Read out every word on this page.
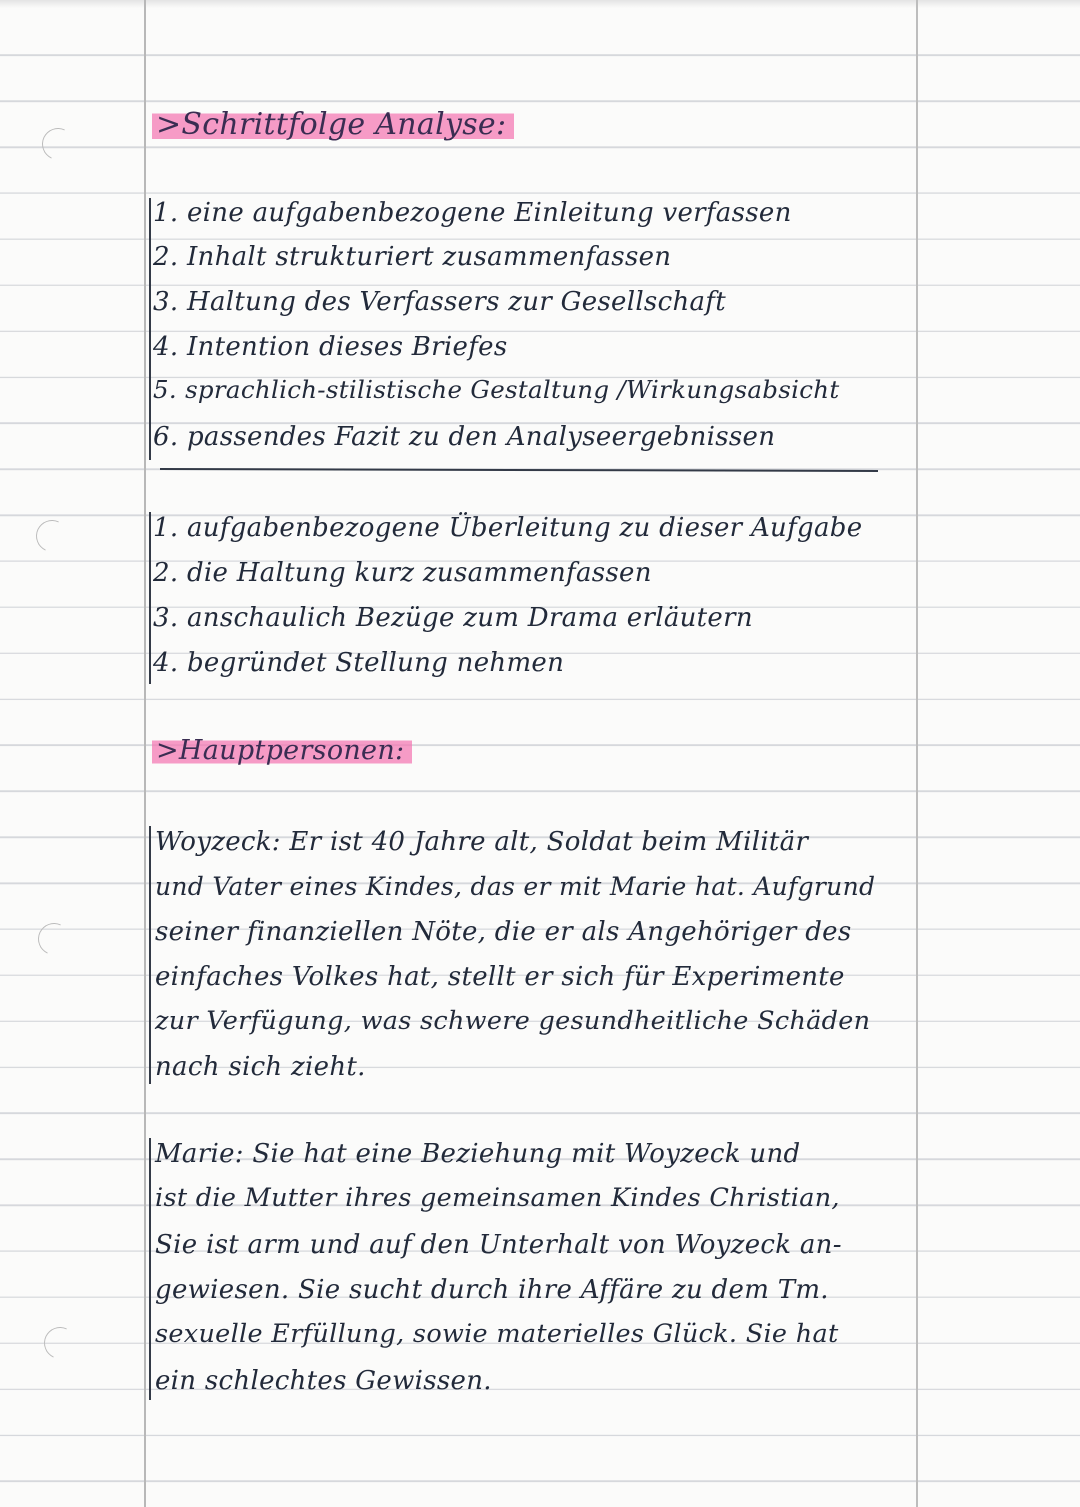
>Schrittfolge Analyse:
1. eine aufgabenbezogene Einleitung verfassen
2. Inhalt strukturiert zusammenfassen
3. Haltung des Verfassers zur Gesellschaft
4. Intention dieses Briefes
5. sprachlich-stilistische Gestaltung /Wirkungsabsicht
6. passendes Fazit zu den Analyseergebnissen
1. aufgabenbezogene Überleitung zu dieser Aufgabe
2. die Haltung kurz zusammenfassen
3. anschaulich Bezüge zum Drama erläutern
4. begründet Stellung nehmen
>Hauptpersonen:
Woyzeck: Er ist 40 Jahre alt, Soldat beim Militär
und Vater eines Kindes, das er mit Marie hat. Aufgrund
seiner finanziellen Nöte, die er als Angehöriger des
einfaches Volkes hat, stellt er sich für Experimente
zur Verfügung, was schwere gesundheitliche Schäden
nach sich zieht.
Marie: Sie hat eine Beziehung mit Woyzeck und
ist die Mutter ihres gemeinsamen Kindes Christian,
Sie ist arm und auf den Unterhalt von Woyzeck an-
gewiesen. Sie sucht durch ihre Affäre zu dem Tm.
sexuelle Erfüllung, sowie materielles Glück. Sie hat
ein schlechtes Gewissen.
